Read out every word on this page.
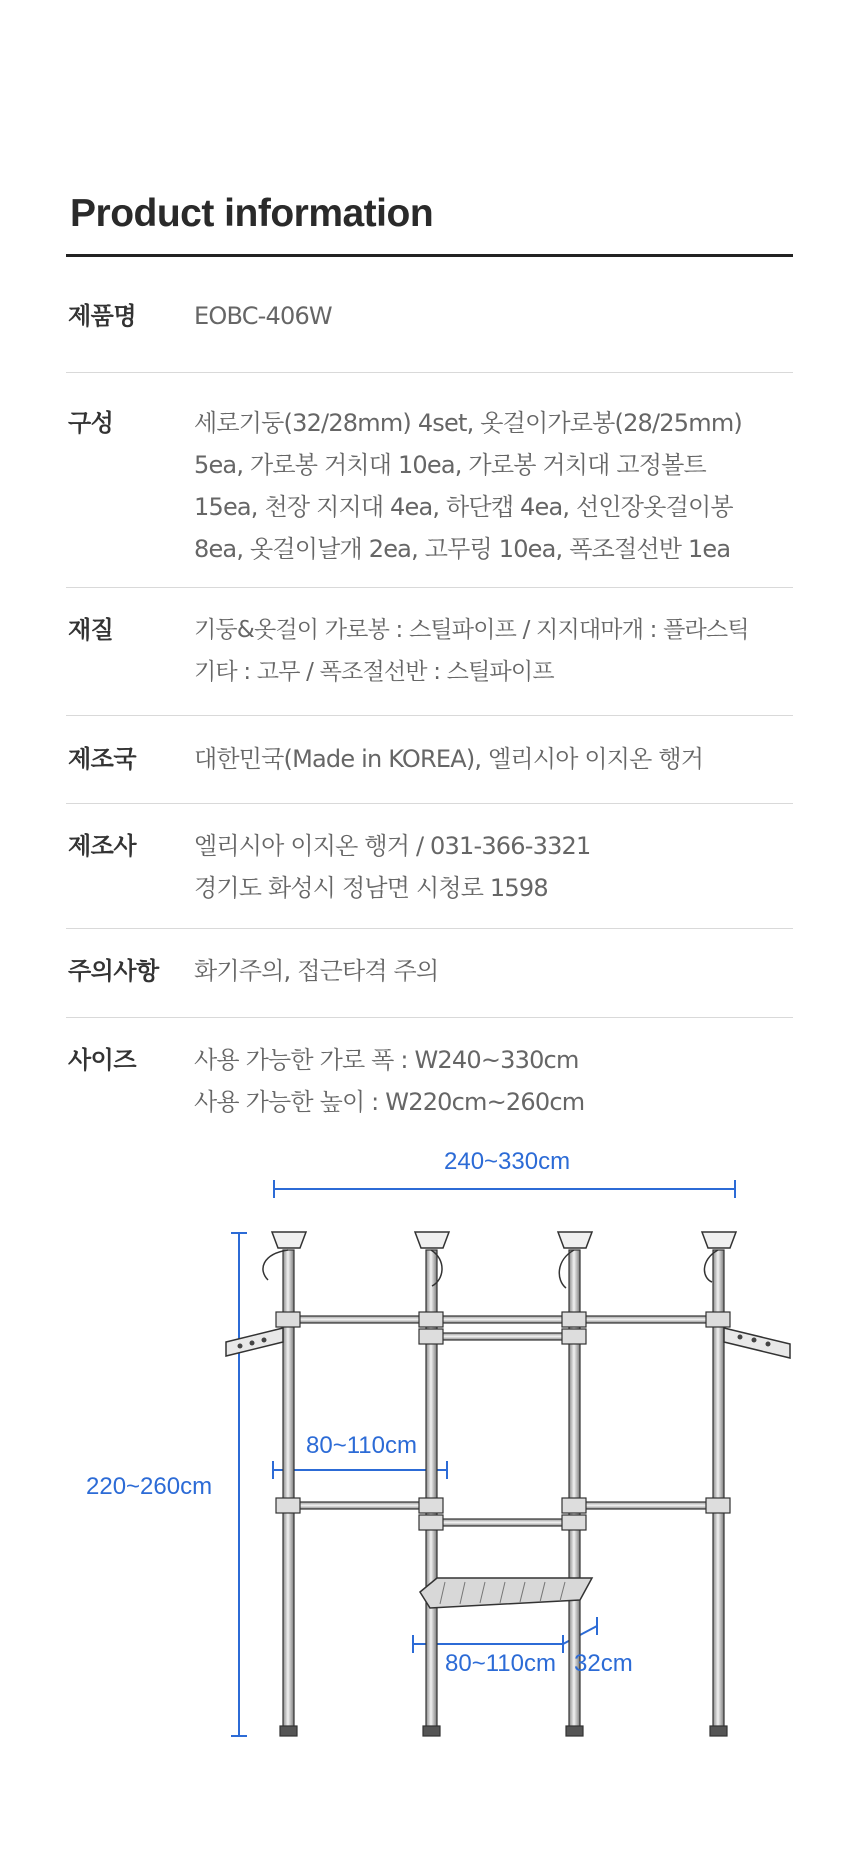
Product information
제품명	EOBC-406W
구성	세로기둥(32/28mm) 4set, 옷걸이가로봉(28/25mm)
5ea, 가로봉 거치대 10ea, 가로봉 거치대 고정볼트
15ea, 천장 지지대 4ea, 하단캡 4ea, 선인장옷걸이봉
8ea, 옷걸이날개 2ea, 고무링 10ea, 폭조절선반 1ea
재질	기둥&옷걸이 가로봉 : 스틸파이프 / 지지대마개 : 플라스틱
기타 : 고무 / 폭조절선반 : 스틸파이프
제조국	대한민국(Made in KOREA), 엘리시아 이지온 행거
제조사	엘리시아 이지온 행거 / 031-366-3321
경기도 화성시 정남면 시청로 1598
주의사항	화기주의, 접근타격 주의
사이즈	사용 가능한 가로 폭 : W240~330cm
사용 가능한 높이 : W220cm~260cm
240~330cm
220~260cm
80~110cm
80~110cm 32cm
